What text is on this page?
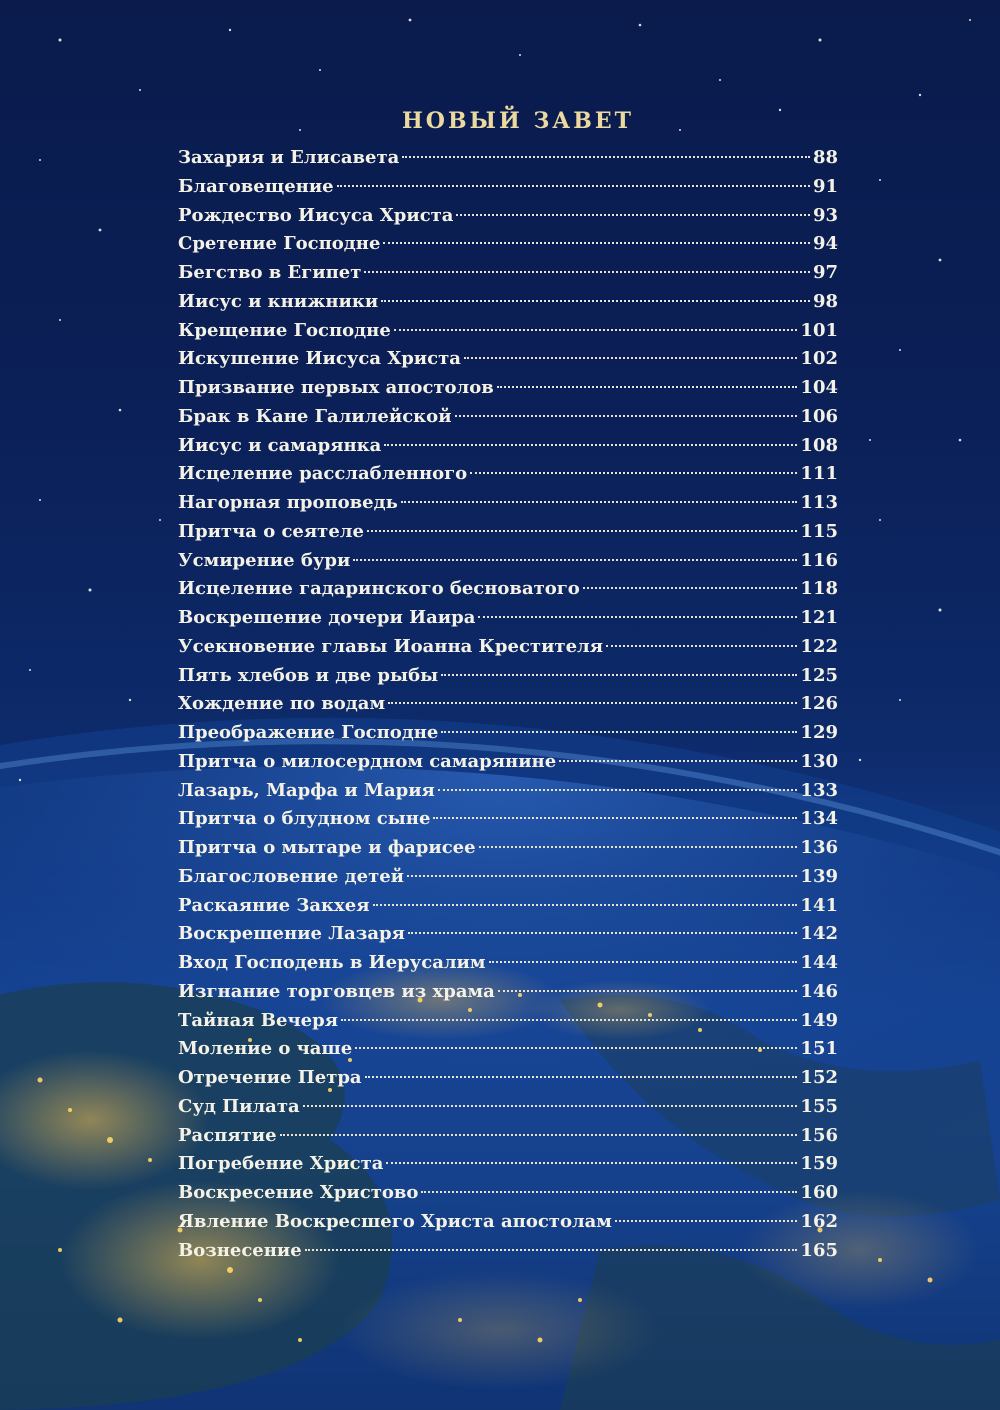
НОВЫЙ ЗАВЕТ
Захария и Елисавета	88
Благовещение	91
Рождество Иисуса Христа	93
Сретение Господне	94
Бегство в Египет	97
Иисус и книжники	98
Крещение Господне	101
Искушение Иисуса Христа	102
Призвание первых апостолов	104
Брак в Кане Галилейской	106
Иисус и самарянка	108
Исцеление расслабленного	111
Нагорная проповедь	113
Притча о сеятеле	115
Усмирение бури	116
Исцеление гадаринского бесноватого	118
Воскрешение дочери Иаира	121
Усекновение главы Иоанна Крестителя	122
Пять хлебов и две рыбы	125
Хождение по водам	126
Преображение Господне	129
Притча о милосердном самарянине	130
Лазарь, Марфа и Мария	133
Притча о блудном сыне	134
Притча о мытаре и фарисее	136
Благословение детей	139
Раскаяние Закхея	141
Воскрешение Лазаря	142
Вход Господень в Иерусалим	144
Изгнание торговцев из храма	146
Тайная Вечеря	149
Моление о чаше	151
Отречение Петра	152
Суд Пилата	155
Распятие	156
Погребение Христа	159
Воскресение Христово	160
Явление Воскресшего Христа апостолам	162
Вознесение	165
